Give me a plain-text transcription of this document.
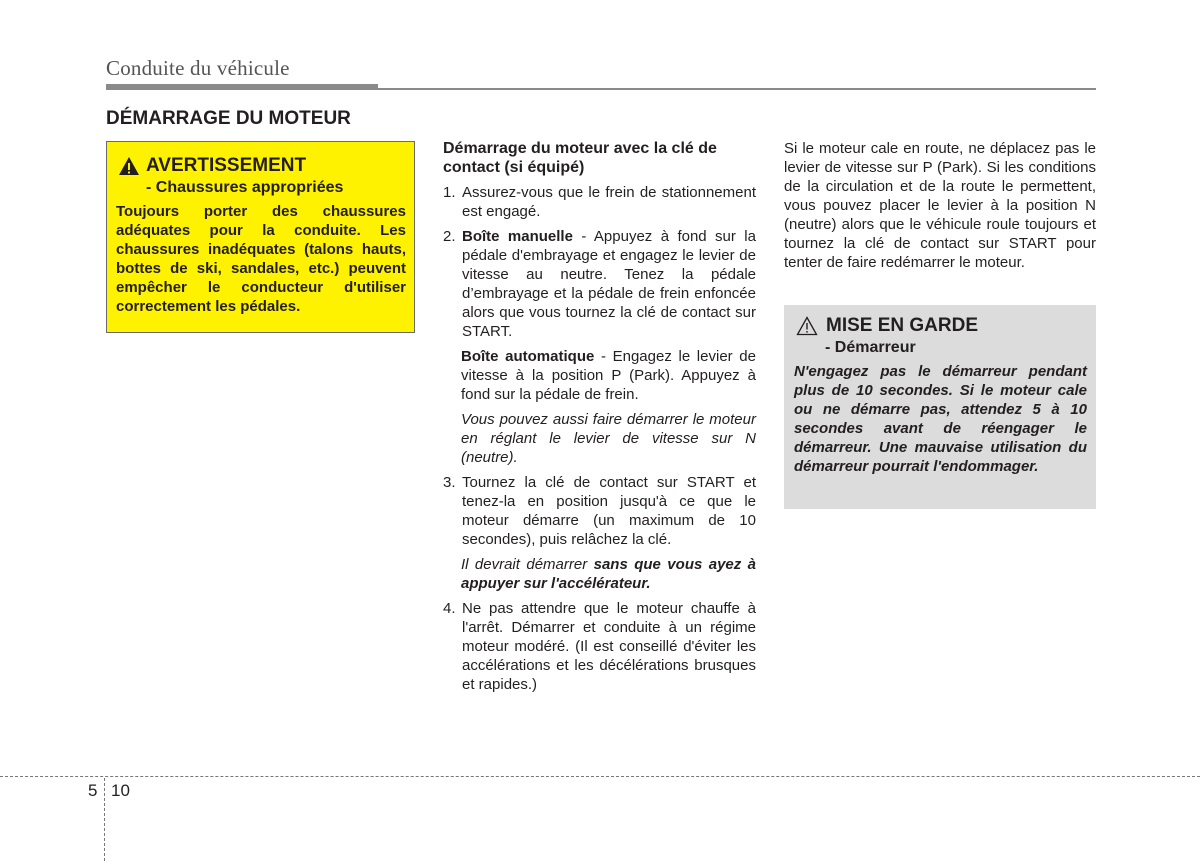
Conduite du véhicule
DÉMARRAGE DU MOTEUR
AVERTISSEMENT
- Chaussures appropriées
Toujours porter des chaussures adéquates pour la conduite. Les chaussures inadéquates (talons hauts, bottes de ski, sandales, etc.) peuvent empêcher le conducteur d'utiliser correctement les pédales.
Démarrage du moteur avec la clé de contact (si équipé)
1. Assurez-vous que le frein de stationnement est engagé.
2. Boîte manuelle - Appuyez à fond sur la pédale d'embrayage et engagez le levier de vitesse au neutre. Tenez la pédale d’embrayage et la pédale de frein enfoncée alors que vous tournez la clé de contact sur START.
Boîte automatique - Engagez le levier de vitesse à la position P (Park). Appuyez à fond sur la pédale de frein.
Vous pouvez aussi faire démarrer le moteur en réglant le levier de vitesse sur N (neutre).
3. Tournez la clé de contact sur START et tenez-la en position jusqu'à ce que le moteur démarre (un maximum de 10 secondes), puis relâchez la clé.
Il devrait démarrer sans que vous ayez à appuyer sur l'accélérateur.
4. Ne pas attendre que le moteur chauffe à l'arrêt. Démarrer et conduite à un régime moteur modéré. (Il est conseillé d'éviter les accélérations et les décélérations brusques et rapides.)
Si le moteur cale en route, ne déplacez pas le levier de vitesse sur P (Park). Si les conditions de la circulation et de la route le permettent, vous pouvez placer le levier à la position N (neutre) alors que le véhicule roule toujours et tournez la clé de contact sur START pour tenter de faire redémarrer le moteur.
MISE EN GARDE
- Démarreur
N'engagez pas le démarreur pendant plus de 10 secondes. Si le moteur cale ou ne démarre pas, attendez 5 à 10 secondes avant de réengager le démarreur. Une mauvaise utilisation du démarreur pourrait l'endommager.
5 10
